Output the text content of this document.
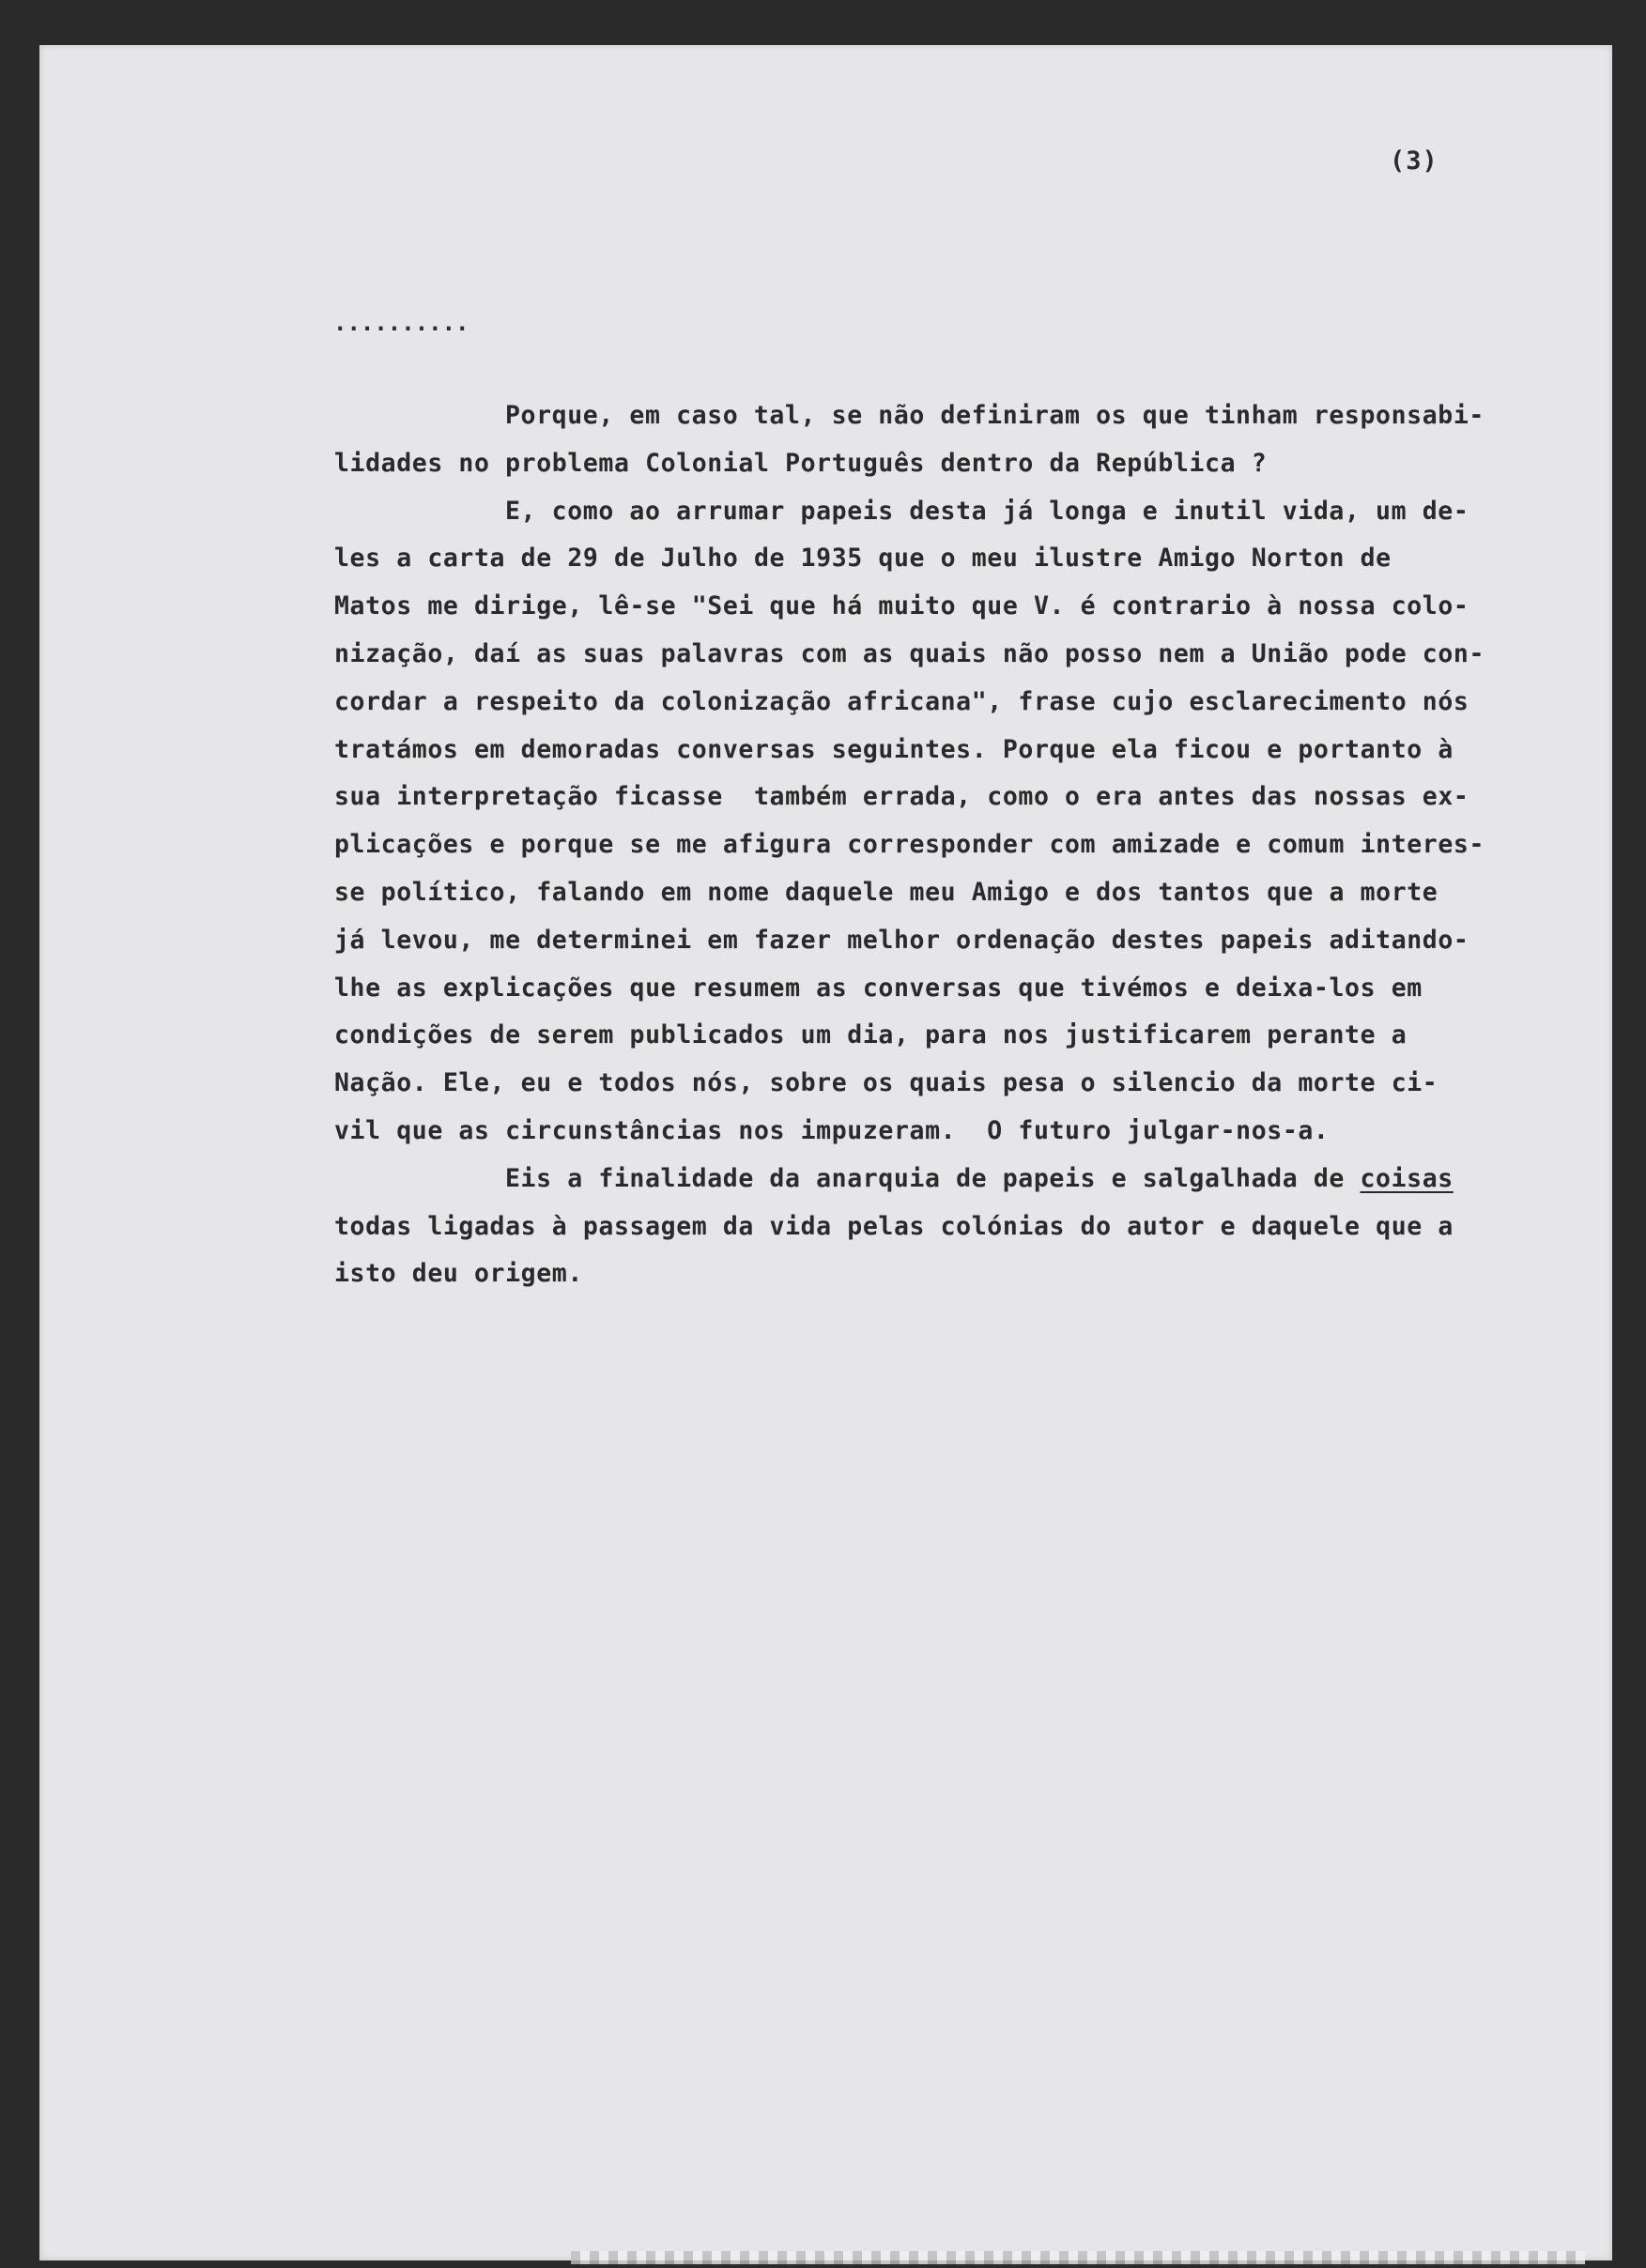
(3)
..........
Porque, em caso tal, se não definiram os que tinham responsabi-
lidades no problema Colonial Português dentro da República ?
E, como ao arrumar papeis desta já longa e inutil vida, um de-
les a carta de 29 de Julho de 1935 que o meu ilustre Amigo Norton de
Matos me dirige, lê-se "Sei que há muito que V. é contrario à nossa colo-
nização, daí as suas palavras com as quais não posso nem a União pode con-
cordar a respeito da colonização africana", frase cujo esclarecimento nós
tratámos em demoradas conversas seguintes. Porque ela ficou e portanto à
sua interpretação ficasse  também errada, como o era antes das nossas ex-
plicações e porque se me afigura corresponder com amizade e comum interes-
se político, falando em nome daquele meu Amigo e dos tantos que a morte
já levou, me determinei em fazer melhor ordenação destes papeis aditando-
lhe as explicações que resumem as conversas que tivémos e deixa-los em
condições de serem publicados um dia, para nos justificarem perante a
Nação. Ele, eu e todos nós, sobre os quais pesa o silencio da morte ci-
vil que as circunstâncias nos impuzeram.  O futuro julgar-nos-a.
Eis a finalidade da anarquia de papeis e salgalhada de coisas
todas ligadas à passagem da vida pelas colónias do autor e daquele que a
isto deu origem.
